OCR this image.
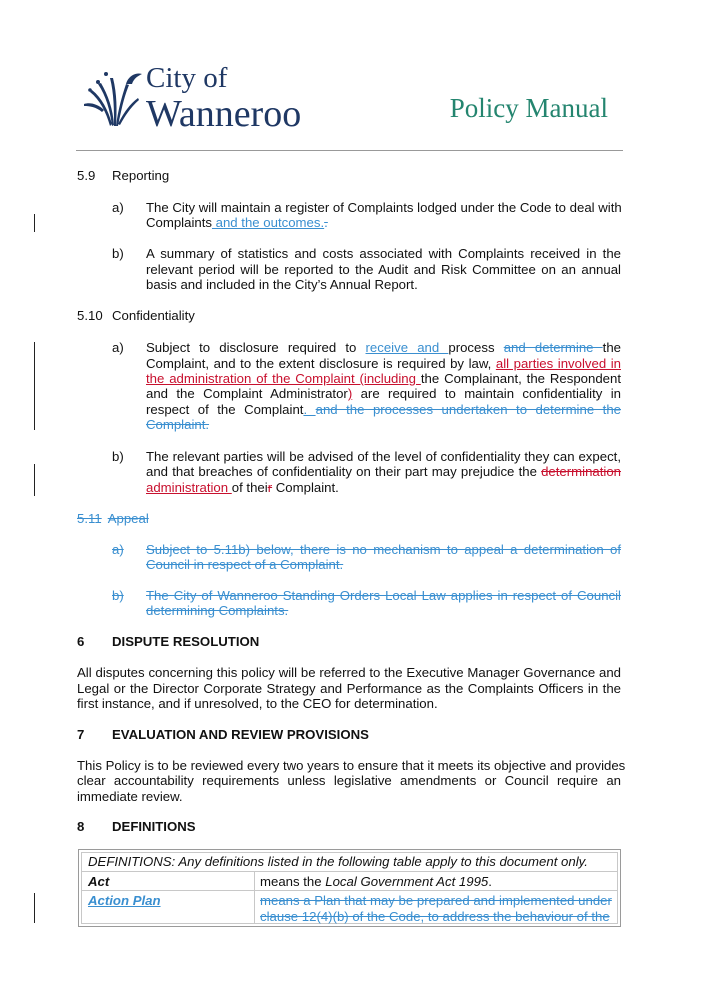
City of
Wanneroo	Policy Manual
5.9 Reporting
a) The City will maintain a register of Complaints lodged under the Code to deal with
Complaints and the outcomes..
b) A summary of statistics and costs associated with Complaints received in the
relevant period will be reported to the Audit and Risk Committee on an annual
basis and included in the City’s Annual Report.
5.10 Confidentiality
a) Subject to disclosure required to receive and process and determine the
Complaint, and to the extent disclosure is required by law, all parties involved in
the administration of the Complaint (including the Complainant, the Respondent
and the Complaint Administrator) are required to maintain confidentiality in
respect of the Complaint. and the processes undertaken to determine the
Complaint.
b) The relevant parties will be advised of the level of confidentiality they can expect,
and that breaches of confidentiality on their part may prejudice the determination
administration of their Complaint.
5.11 Appeal
a) Subject to 5.11b) below, there is no mechanism to appeal a determination of
Council in respect of a Complaint.
b) The City of Wanneroo Standing Orders Local Law applies in respect of Council
determining Complaints.
6 DISPUTE RESOLUTION
All disputes concerning this policy will be referred to the Executive Manager Governance and
Legal or the Director Corporate Strategy and Performance as the Complaints Officers in the
first instance, and if unresolved, to the CEO for determination.
7 EVALUATION AND REVIEW PROVISIONS
This Policy is to be reviewed every two years to ensure that it meets its objective and provides
clear accountability requirements unless legislative amendments or Council require an
immediate review.
8 DEFINITIONS
DEFINITIONS: Any definitions listed in the following table apply to this document only.
Act	means the Local Government Act 1995.
Action Plan	means a Plan that may be prepared and implemented under
clause 12(4)(b) of the Code, to address the behaviour of the
